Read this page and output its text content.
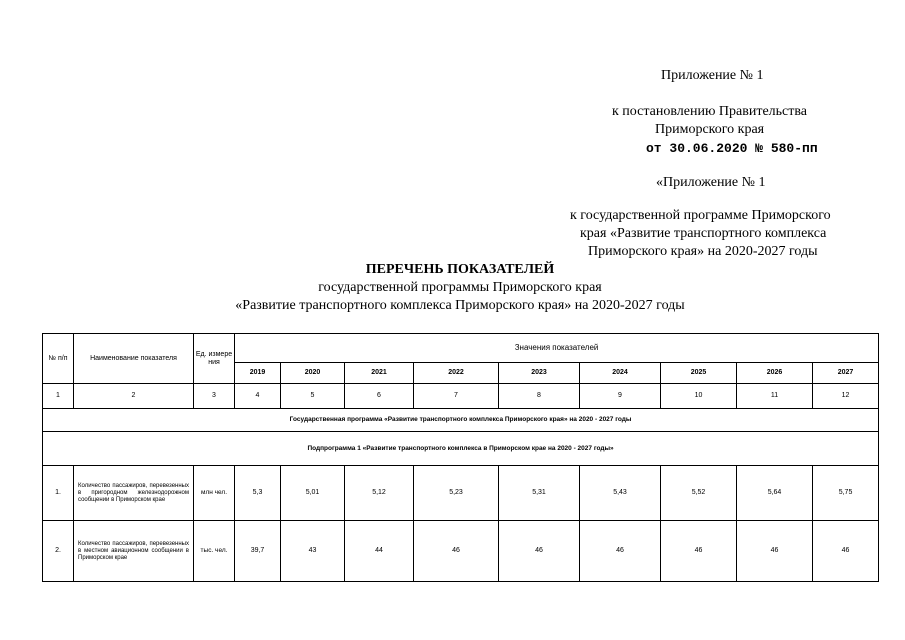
Приложение № 1
к постановлению Правительства
Приморского края
от 30.06.2020 № 580-пп
«Приложение № 1
к государственной программе Приморского
края «Развитие транспортного комплекса
Приморского края» на 2020-2027 годы
ПЕРЕЧЕНЬ ПОКАЗАТЕЛЕЙ
государственной программы Приморского края
«Развитие транспортного комплекса Приморского края» на 2020-2027 годы
№ п/п	Наименование показателя	Ед. измере ния	Значения показателей								
			2019	2020	2021	2022	2023	2024	2025	2026	2027
1	2	3	4	5	6	7	8	9	10	11	12
Государственная программа «Развитие транспортного комплекса Приморского края» на 2020 - 2027 годы											
Подпрограмма 1 «Развитие транспортного комплекса в Приморском крае на 2020 - 2027 годы»											
1.	Количество пассажиров, перевезенных в пригородном железнодорожном сообщении в Приморском крае	млн чел.	5,3	5,01	5,12	5,23	5,31	5,43	5,52	5,64	5,75
2.	Количество пассажиров, перевезенных в местном авиационном сообщении в Приморском крае	тыс. чел.	39,7	43	44	46	46	46	46	46	46
